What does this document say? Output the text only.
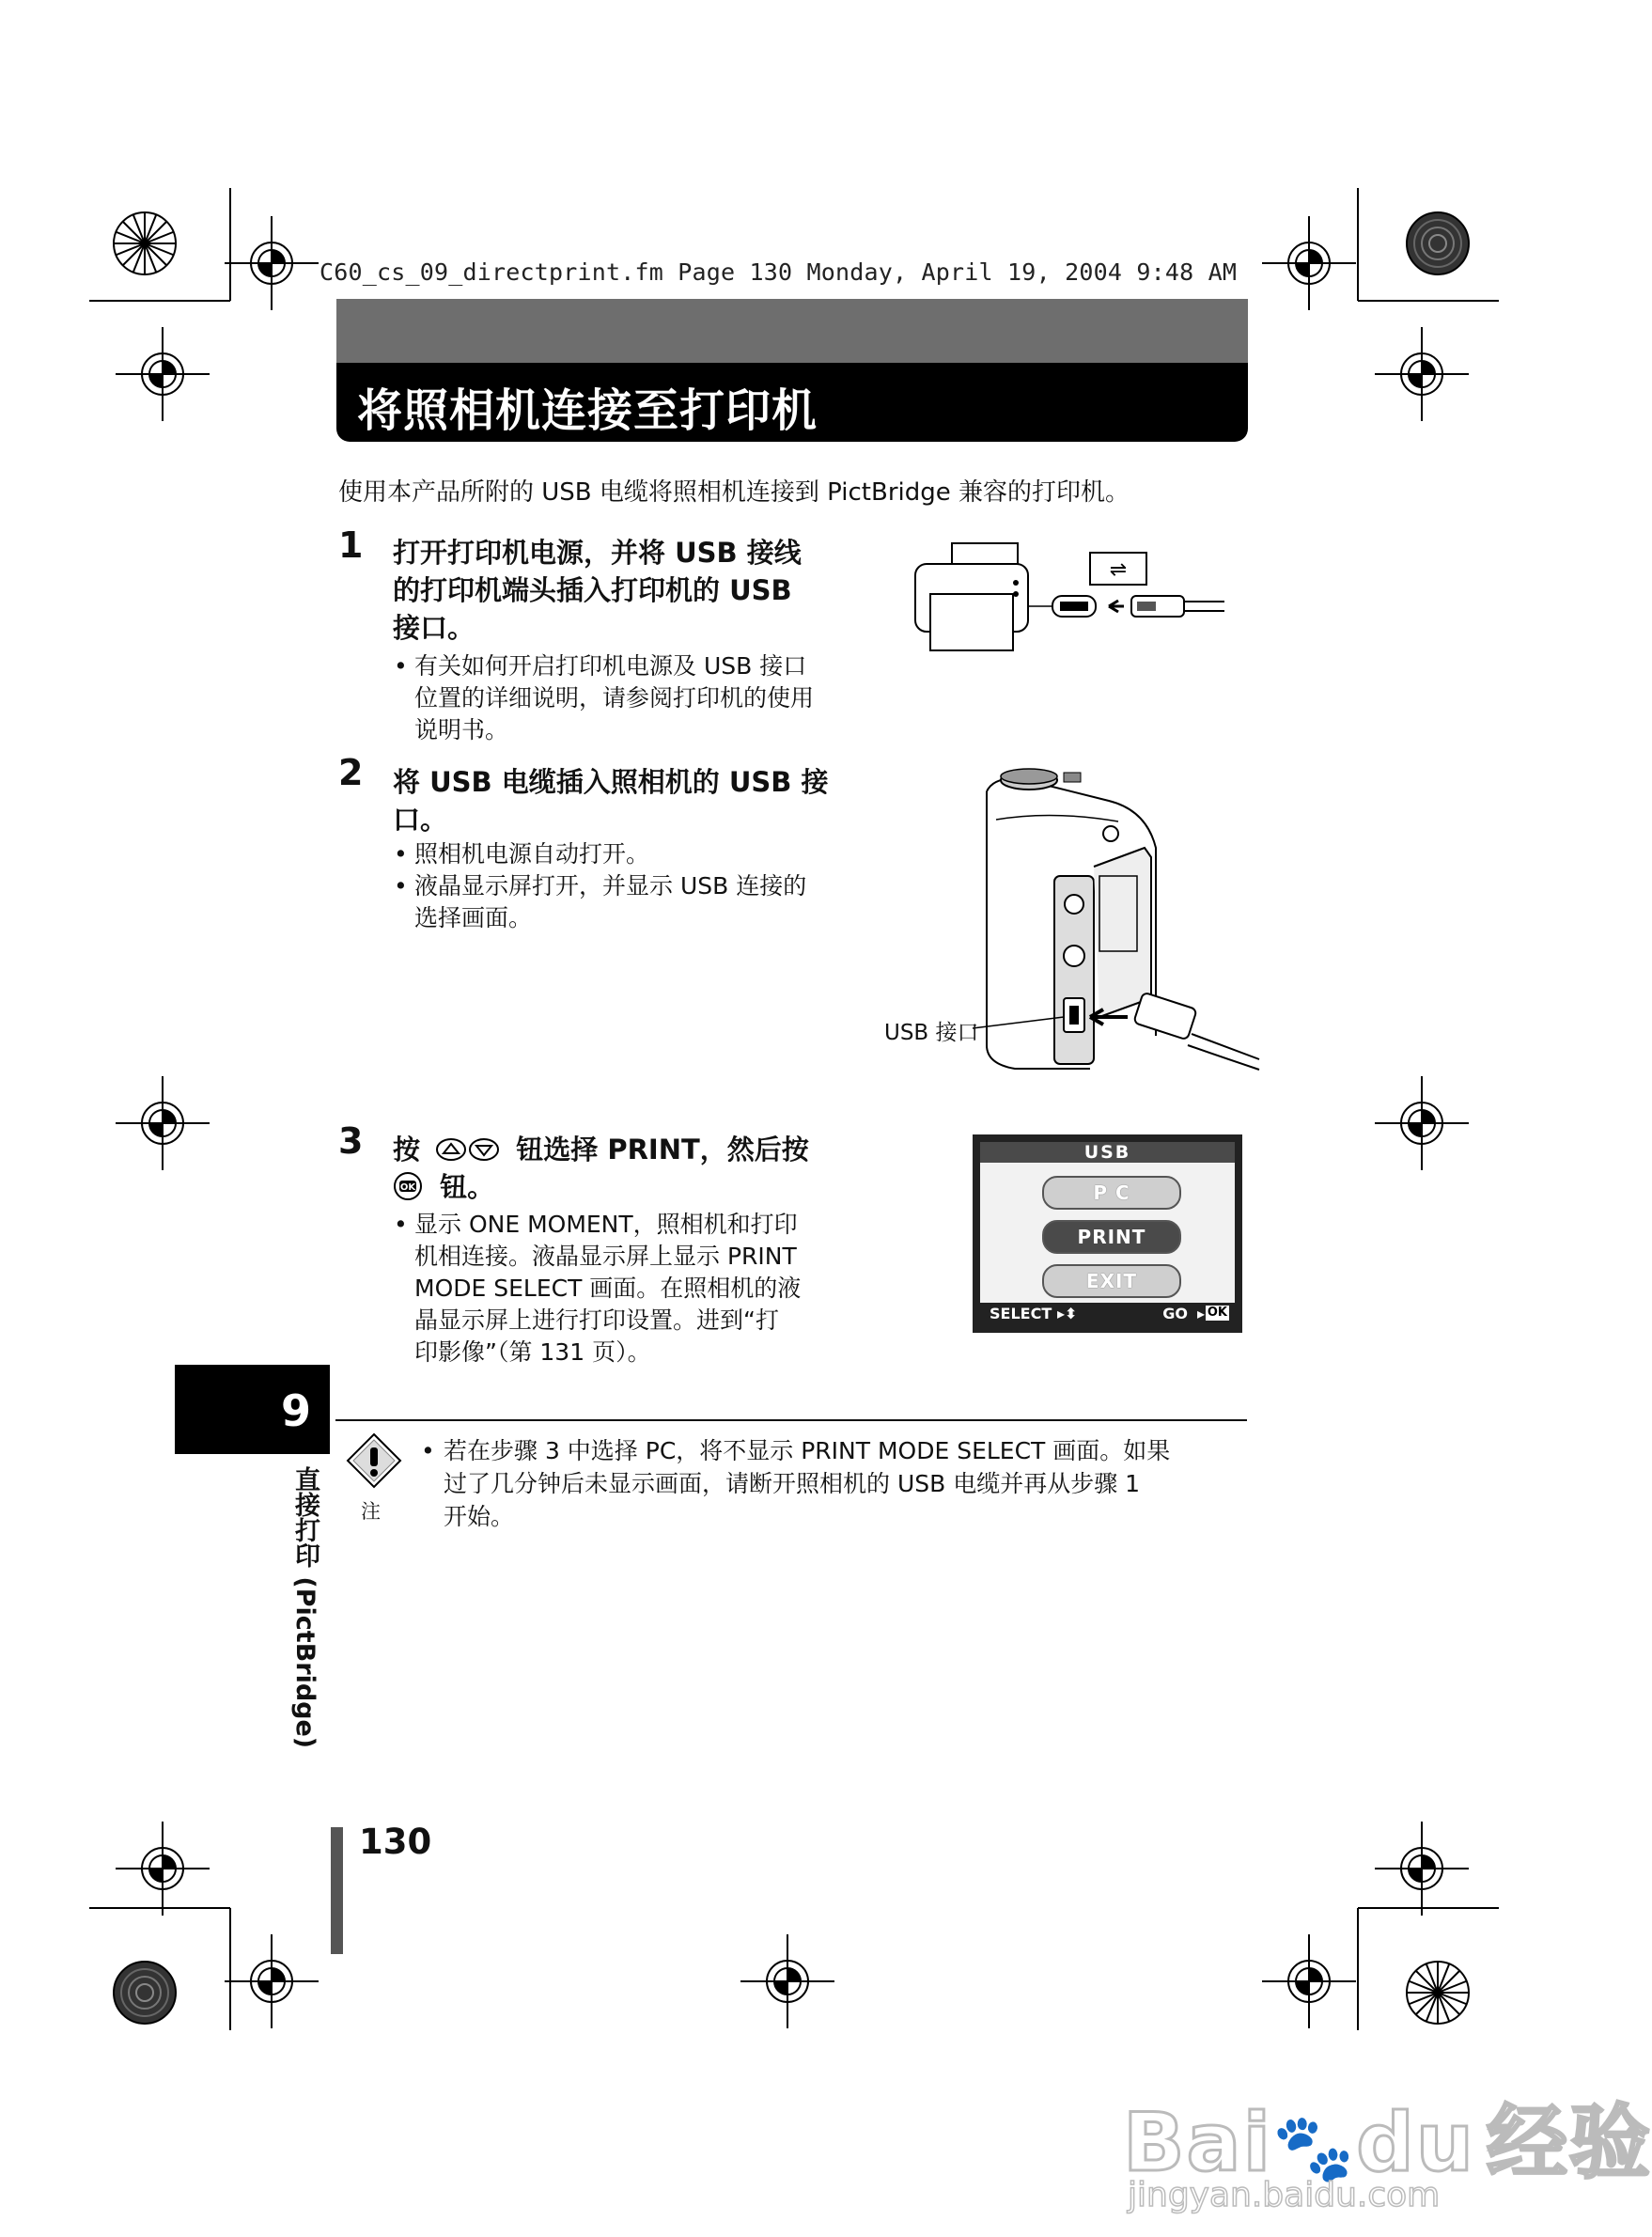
C60_cs_09_directprint.fm Page 130 Monday, April 19, 2004 9:48 AM
将照相机连接至打印机
使用本产品所附的 USB 电缆将照相机连接到 PictBridge 兼容的打印机。
1 打开打印机电源，并将 USB 接线
的打印机端头插入打印机的 USB
接口。
• 有关如何开启打印机电源及 USB 接口
位置的详细说明，请参阅打印机的使用
说明书。
⇌
2 将 USB 电缆插入照相机的 USB 接
口。
• 照相机电源自动打开。
• 液晶显示屏打开，并显示 USB 连接的
选择画面。
USB 接口
3 按	钮选择 PRINT，然后按
OK 钮。
• 显示 ONE MOMENT，照相机和打印
机相连接。液晶显示屏上显示 PRINT
MODE SELECT 画面。在照相机的液
晶显示屏上进行打印设置。进到“打
印影像”（第 131 页）。
USB
P C
PRINT
EXIT
SELECT ▸⬍	GO ▸ OK
9
直接打印 (PictBridge) 注
• 若在步骤 3 中选择 PC，将不显示 PRINT MODE SELECT 画面。如果
过了几分钟后未显示画面，请断开照相机的 USB 电缆并再从步骤 1
开始。
130
Bai🐾du 经验
jingyan.baidu.com
